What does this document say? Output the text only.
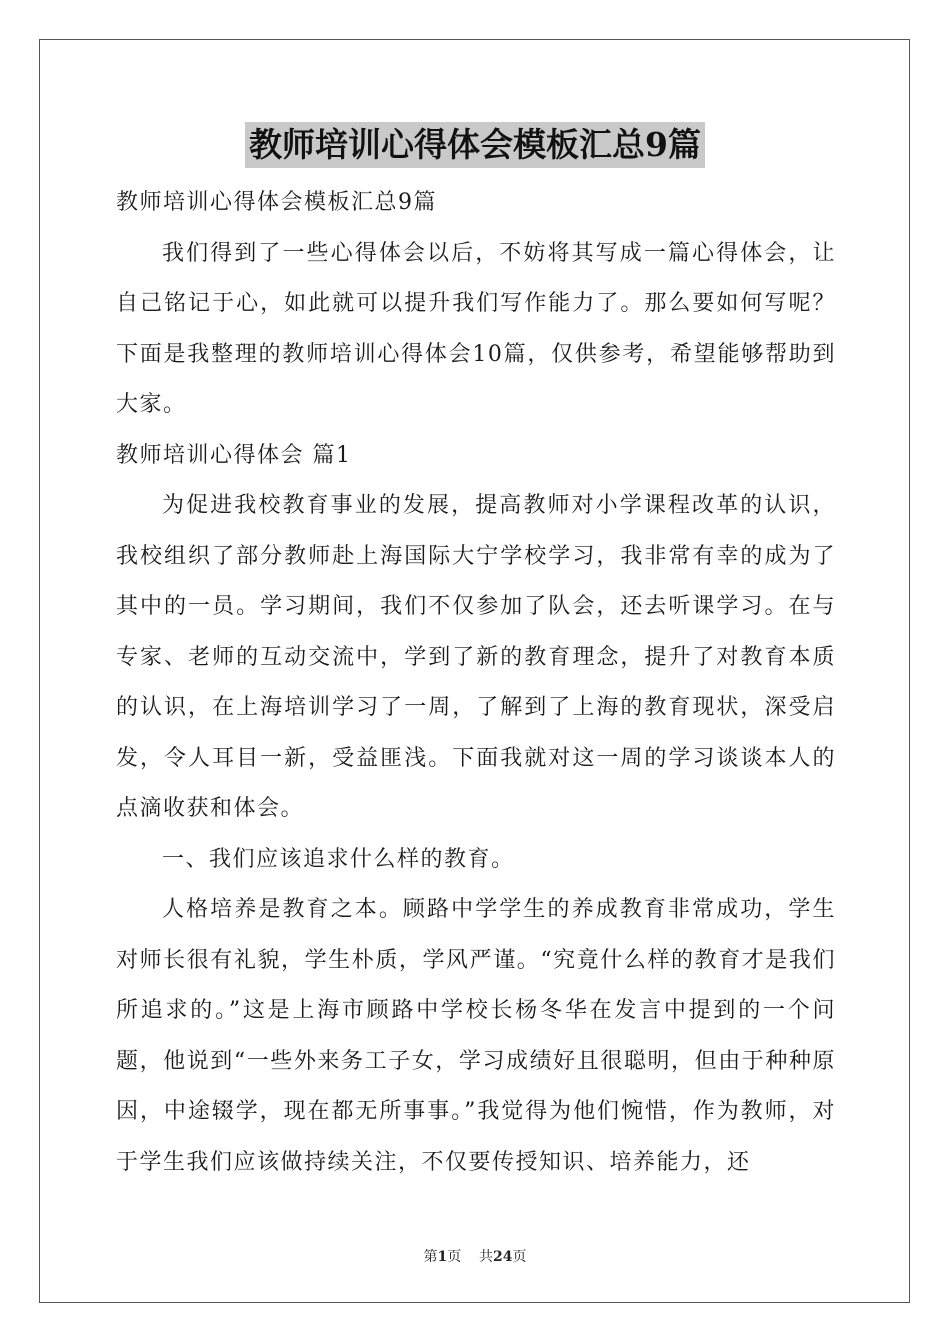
教师培训心得体会模板汇总9篇

教师培训心得体会模板汇总9篇

我们得到了一些心得体会以后，不妨将其写成一篇心得体会，让自己铭记于心，如此就可以提升我们写作能力了。那么要如何写呢？下面是我整理的教师培训心得体会10篇，仅供参考，希望能够帮助到大家。

教师培训心得体会 篇1

为促进我校教育事业的发展，提高教师对小学课程改革的认识，我校组织了部分教师赴上海国际大宁学校学习，我非常有幸的成为了其中的一员。学习期间，我们不仅参加了队会，还去听课学习。在与专家、老师的互动交流中，学到了新的教育理念，提升了对教育本质的认识，在上海培训学习了一周，了解到了上海的教育现状，深受启发，令人耳目一新，受益匪浅。下面我就对这一周的学习谈谈本人的点滴收获和体会。

一、我们应该追求什么样的教育。

人格培养是教育之本。顾路中学学生的养成教育非常成功，学生对师长很有礼貌，学生朴质，学风严谨。“究竟什么样的教育才是我们所追求的。”这是上海市顾路中学校长杨冬华在发言中提到的一个问题，他说到“一些外来务工子女，学习成绩好且很聪明，但由于种种原因，中途辍学，现在都无所事事。”我觉得为他们惋惜，作为教师，对于学生我们应该做持续关注，不仅要传授知识、培养能力，还

第1页 共24页
